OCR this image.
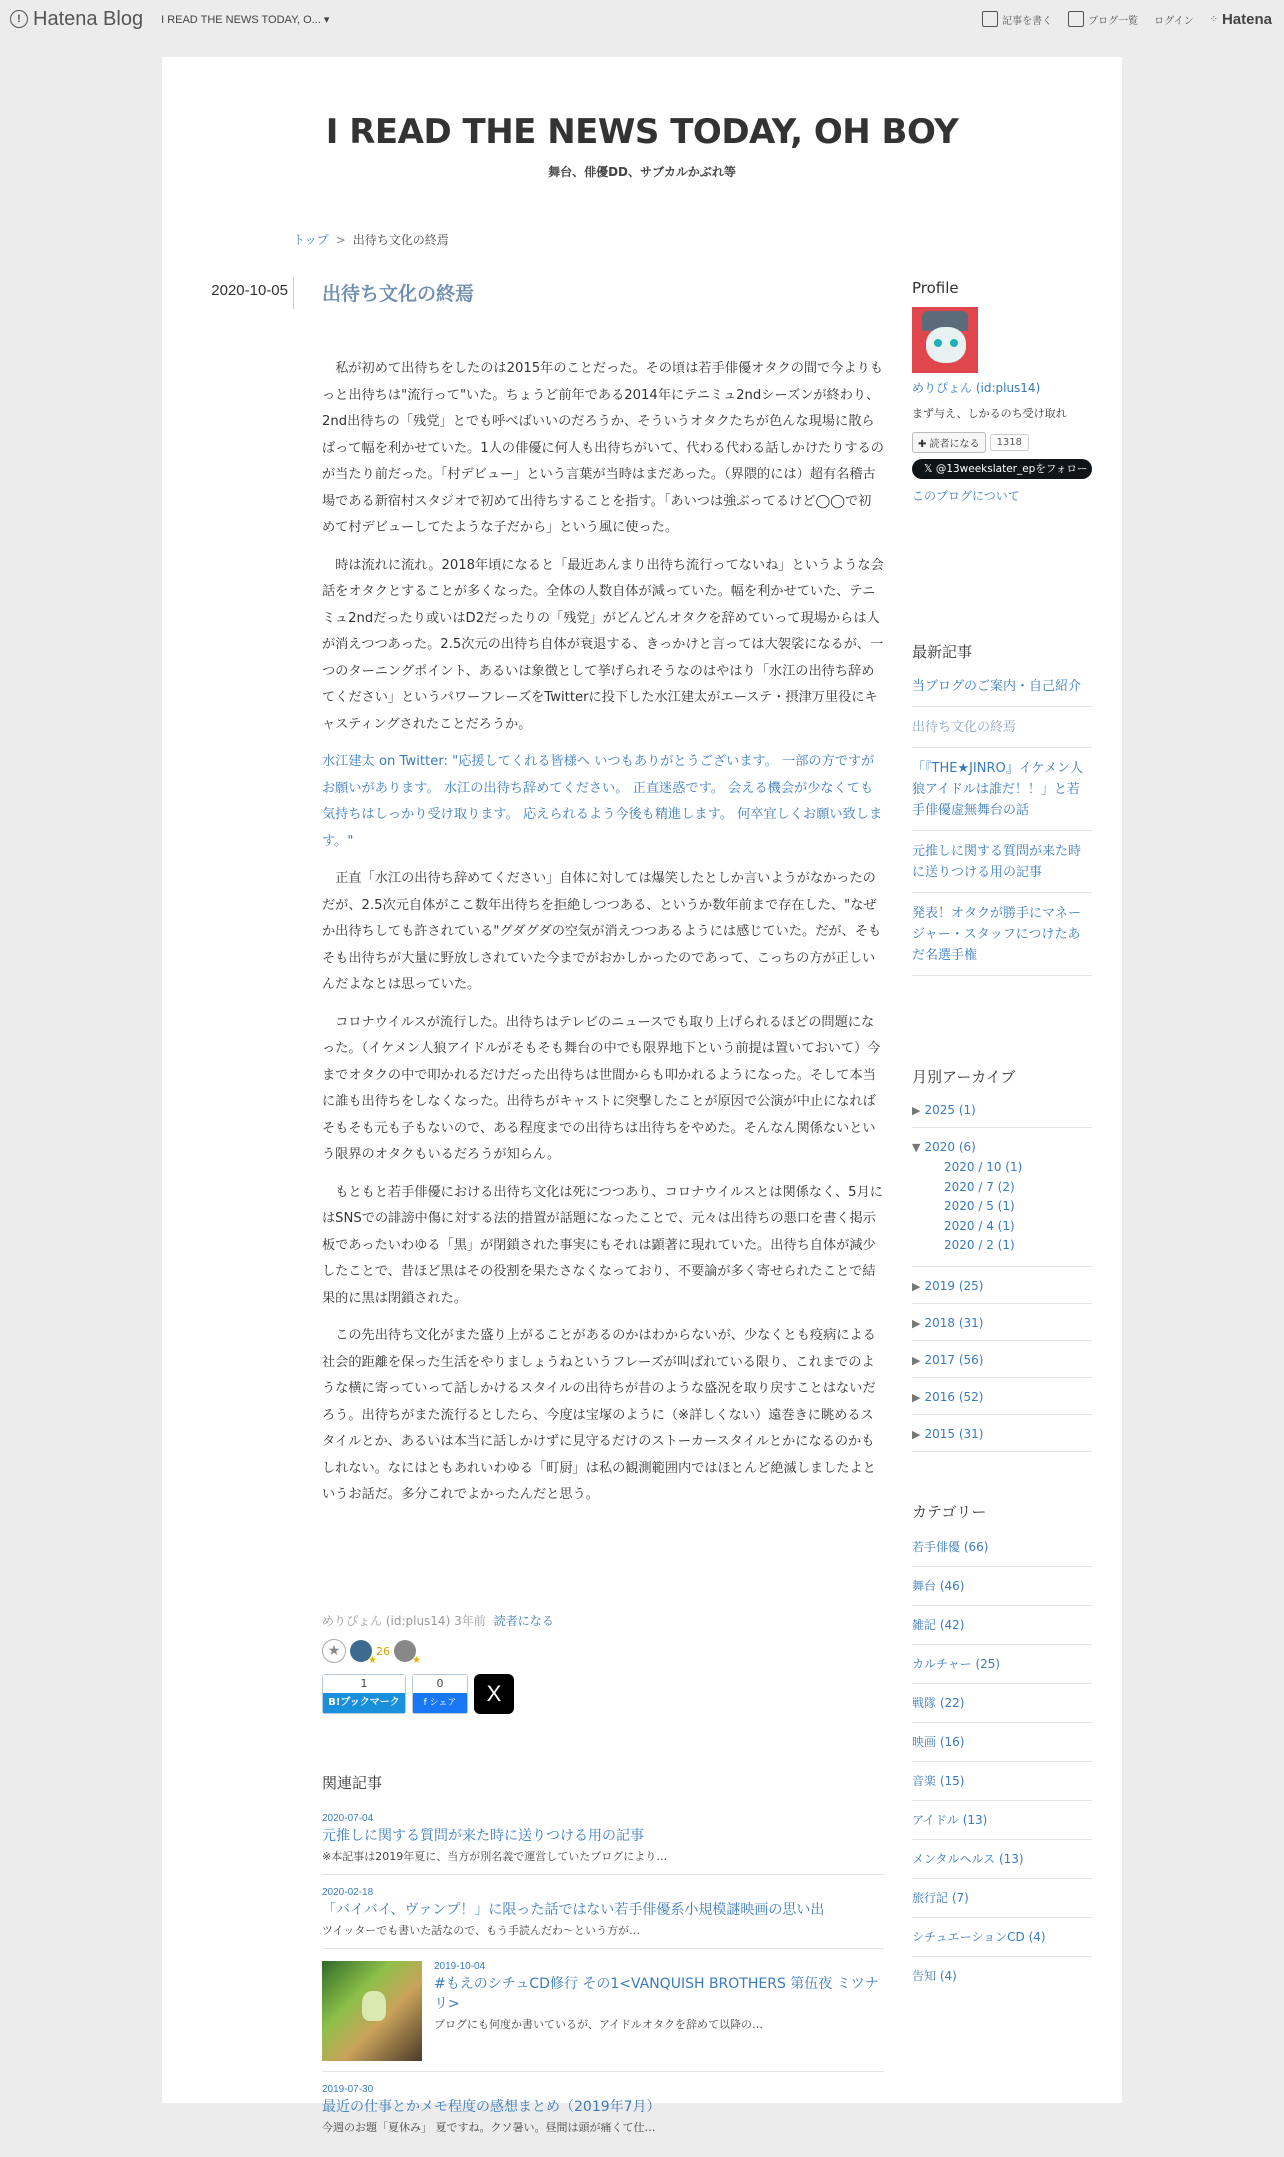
! Hatena Blog I READ THE NEWS TODAY, O... ▾	記事を書く	ブログ一覧 ログイン ⁘ Hatena
I READ THE NEWS TODAY, OH BOY
舞台、俳優DD、サブカルかぶれ等
トップ > 出待ち文化の終焉
2020-10-05 出待ち文化の終焉

私が初めて出待ちをしたのは2015年のことだった。その頃は若手俳優オタクの間で今よりもっと出待ちは"流行って"いた。ちょうど前年である2014年にテニミュ2ndシーズンが終わり、2nd出待ちの「残党」とでも呼べばいいのだろうか、そういうオタクたちが色んな現場に散らばって幅を利かせていた。1人の俳優に何人も出待ちがいて、代わる代わる話しかけたりするのが当たり前だった。「村デビュー」という言葉が当時はまだあった。（界隈的には）超有名稽古場である新宿村スタジオで初めて出待ちすることを指す。「あいつは強ぶってるけど◯◯で初めて村デビューしてたような子だから」という風に使った。

時は流れに流れ。2018年頃になると「最近あんまり出待ち流行ってないね」というような会話をオタクとすることが多くなった。全体の人数自体が減っていた。幅を利かせていた、テニミュ2ndだったり或いはD2だったりの「残党」がどんどんオタクを辞めていって現場からは人が消えつつあった。2.5次元の出待ち自体が衰退する、きっかけと言っては大袈裟になるが、一つのターニングポイント、あるいは象徴として挙げられそうなのはやはり「水江の出待ち辞めてください」というパワーフレーズをTwitterに投下した水江建太がエーステ・摂津万里役にキャスティングされたことだろうか。

水江建太 on Twitter: "応援してくれる皆様へ いつもありがとうございます。 一部の方ですがお願いがあります。 水江の出待ち辞めてください。 正直迷惑です。 会える機会が少なくても気持ちはしっかり受け取ります。 応えられるよう今後も精進します。 何卒宜しくお願い致します。"

正直「水江の出待ち辞めてください」自体に対しては爆笑したとしか言いようがなかったのだが、2.5次元自体がここ数年出待ちを拒絶しつつある、というか数年前まで存在した、"なぜか出待ちしても許されている"グダグダの空気が消えつつあるようには感じていた。だが、そもそも出待ちが大量に野放しされていた今までがおかしかったのであって、こっちの方が正しいんだよなとは思っていた。

コロナウイルスが流行した。出待ちはテレビのニュースでも取り上げられるほどの問題になった。（イケメン人狼アイドルがそもそも舞台の中でも限界地下という前提は置いておいて）今までオタクの中で叩かれるだけだった出待ちは世間からも叩かれるようになった。そして本当に誰も出待ちをしなくなった。出待ちがキャストに突撃したことが原因で公演が中止になればそもそも元も子もないので、ある程度までの出待ちは出待ちをやめた。そんなん関係ないという限界のオタクもいるだろうが知らん。

もともと若手俳優における出待ち文化は死につつあり、コロナウイルスとは関係なく、5月にはSNSでの誹謗中傷に対する法的措置が話題になったことで、元々は出待ちの悪口を書く掲示板であったいわゆる「黒」が閉鎖された事実にもそれは顕著に現れていた。出待ち自体が減少したことで、昔ほど黒はその役割を果たさなくなっており、不要論が多く寄せられたことで結果的に黒は閉鎖された。

この先出待ち文化がまた盛り上がることがあるのかはわからないが、少なくとも疫病による社会的距離を保った生活をやりましょうねというフレーズが叫ばれている限り、これまでのような横に寄っていって話しかけるスタイルの出待ちが昔のような盛況を取り戻すことはないだろう。出待ちがまた流行るとしたら、今度は宝塚のように（※詳しくない）遠巻きに眺めるスタイルとか、あるいは本当に話しかけずに見守るだけのストーカースタイルとかになるのかもしれない。なにはともあれいわゆる「町厨」は私の観測範囲内ではほとんど絶滅しましたよというお話だ。多分これでよかったんだと思う。

めりぴょん (id:plus14) 3年前 読者になる
★
★	26
★
1
B!ブックマーク
0
f シェア	X
関連記事
2020-07-04
元推しに関する質問が来た時に送りつける用の記事
※本記事は2019年夏に、当方が別名義で運営していたブログにより…
2020-02-18
「バイバイ、ヴァンプ！」に限った話ではない若手俳優系小規模謎映画の思い出
ツイッターでも書いた話なので、もう手読んだわ〜という方が…
2019-10-04
#もえのシチュCD修行 その1<VANQUISH BROTHERS 第伍夜 ミツナリ>
ブログにも何度か書いているが、アイドルオタクを辞めて以降の…
2019-07-30
最近の仕事とかメモ程度の感想まとめ（2019年7月）
今週のお題「夏休み」 夏ですね。クソ暑い。昼間は頭が痛くて仕…
Profile
めりぴょん (id:plus14)
まず与え、しかるのち受け取れ
✚ 読者になる	1318
𝕏 @13weekslater_epをフォロー
このブログについて
最新記事
当ブログのご案内・自己紹介
出待ち文化の終焉
「『THE★JINRO』イケメン人狼アイドルは誰だ！！」と若手俳優虚無舞台の話
元推しに関する質問が来た時に送りつける用の記事
発表！オタクが勝手にマネージャー・スタッフにつけたあだ名選手権
月別アーカイブ
▶ 2025 (1)
▼ 2020 (6)
2020 / 10 (1)
2020 / 7 (2)
2020 / 5 (1)
2020 / 4 (1)
2020 / 2 (1)
▶ 2019 (25)
▶ 2018 (31)
▶ 2017 (56)
▶ 2016 (52)
▶ 2015 (31)
カテゴリー
若手俳優 (66)
舞台 (46)
雑記 (42)
カルチャー (25)
戦隊 (22)
映画 (16)
音楽 (15)
アイドル (13)
メンタルヘルス (13)
旅行記 (7)
シチュエーションCD (4)
告知 (4)
